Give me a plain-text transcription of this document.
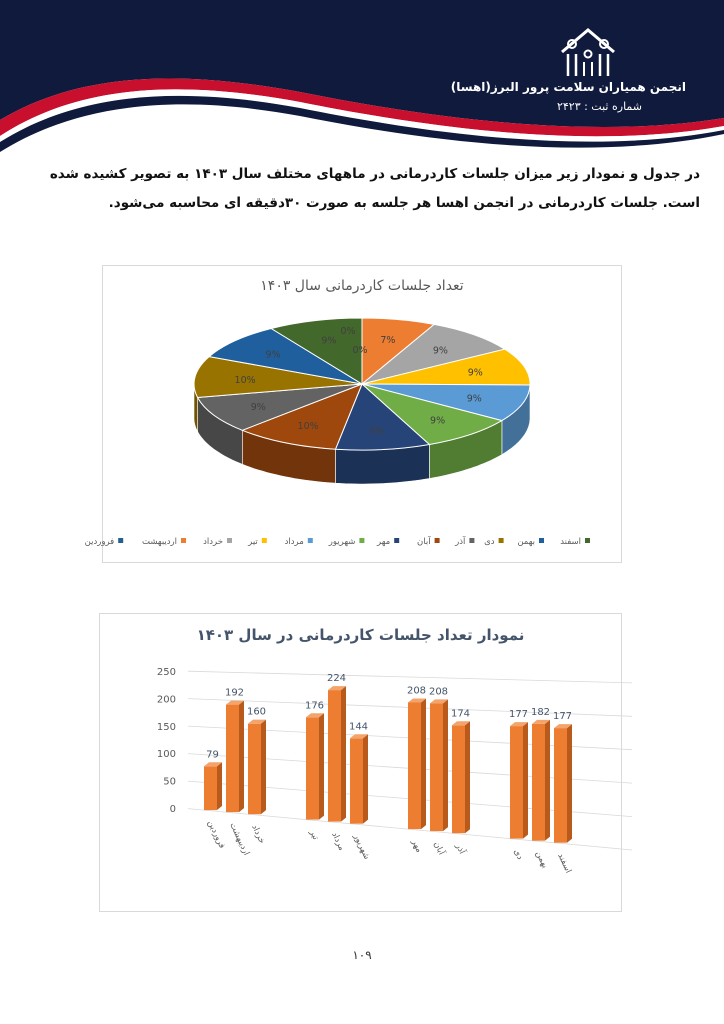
انجمن همیاران سلامت پرور البرز(اهسا)
شماره ثبت : ۲۴۲۳
در جدول و نمودار زیر میزان جلسات کاردرمانی در ماههای مختلف سال ۱۴۰۳ به تصویر کشیده شده است. جلسات کاردرمانی در انجمن اهسا هر جلسه به صورت ۳۰دقیقه ای محاسبه می‌شود.
0%
7%
9%
9%
9%
9%
9%
10%
9%
10%
9%
9%
0%
اسفند
بهمن
دی
آذر
آبان
مهر
شهریور
مرداد
تیر
خرداد
اردیبهشت
فروردین
تعداد جلسات کاردرمانی سال ۱۴۰۳
0
50
100
150
200
250
79
فروردین
192
اردیبهشت
160
خرداد
176
تیر
224
مرداد
144
شهریور
208
مهر
208
آبان
174
آذر
177
دی
182
بهمن
177
اسفند
نمودار تعداد جلسات کاردرمانی در سال ۱۴۰۳
۱۰۹
